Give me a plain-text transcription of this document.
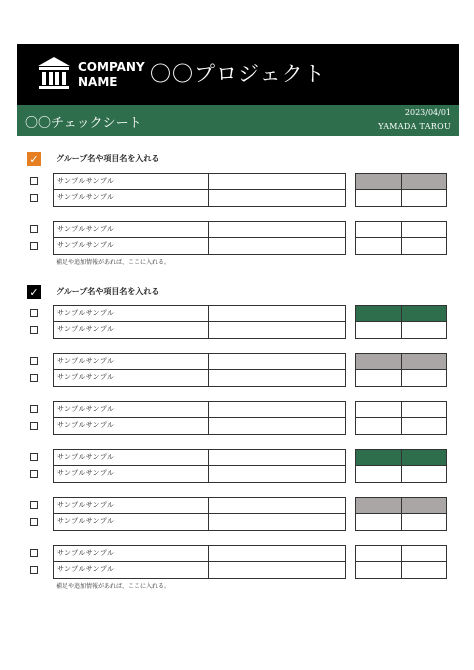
COMPANY
NAME	〇〇プロジェクト
〇〇チェックシート
2023/04/01
YAMADA TAROU
✓ グループ名や項目名を入れる
サンプルサンプル
サンプルサンプル
サンプルサンプル
サンプルサンプル
補足や追加情報があれば、ここに入れる。
✓ グループ名や項目名を入れる
サンプルサンプル
サンプルサンプル
サンプルサンプル
サンプルサンプル
サンプルサンプル
サンプルサンプル
サンプルサンプル
サンプルサンプル
サンプルサンプル
サンプルサンプル
サンプルサンプル
サンプルサンプル
補足や追加情報があれば、ここに入れる。
